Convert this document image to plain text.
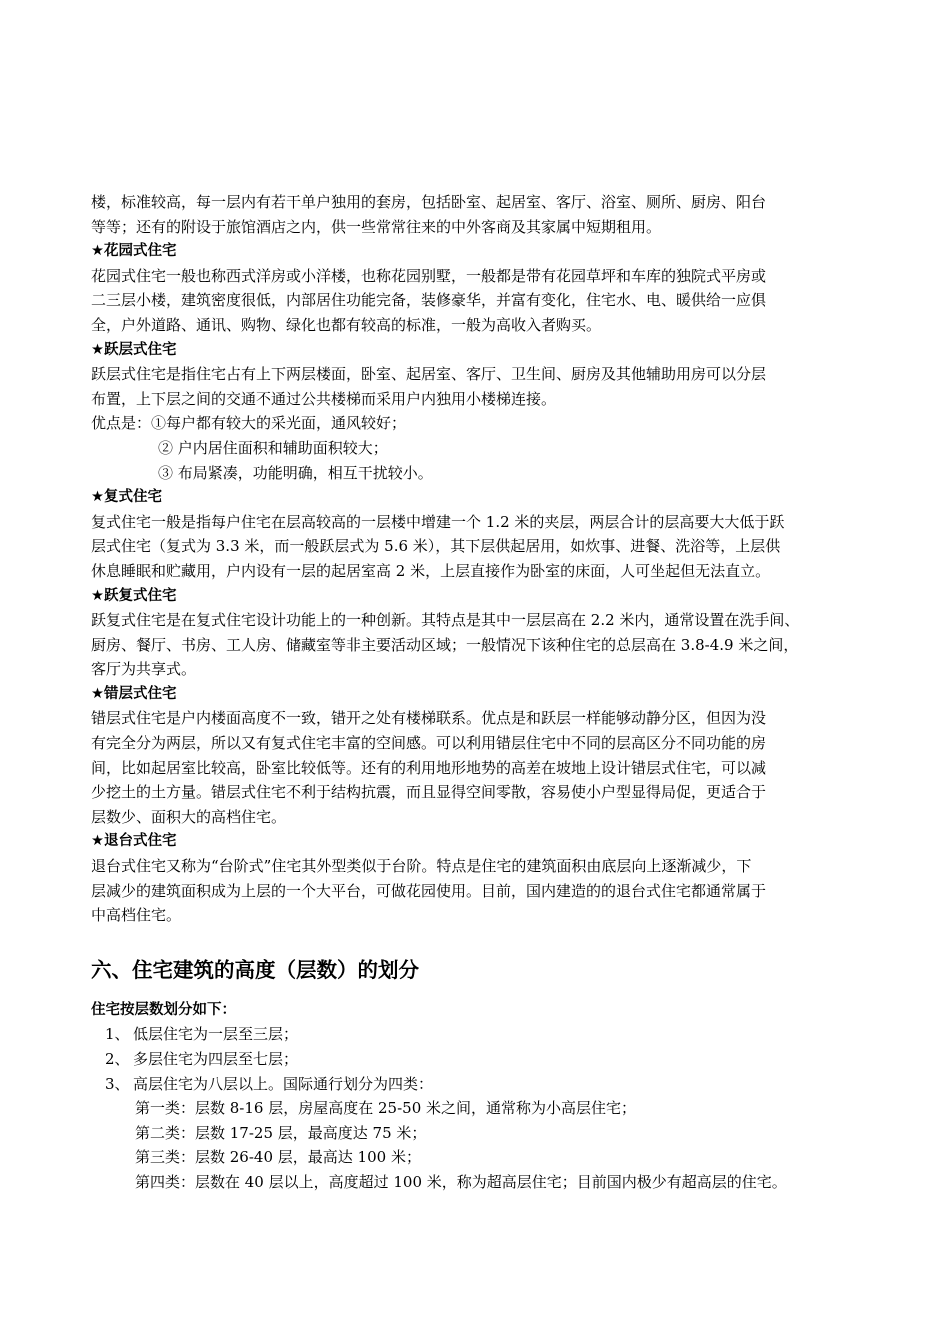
楼，标准较高，每一层内有若干单户独用的套房，包括卧室、起居室、客厅、浴室、厕所、厨房、阳台
等等；还有的附设于旅馆酒店之内，供一些常常往来的中外客商及其家属中短期租用。
★花园式住宅
花园式住宅一般也称西式洋房或小洋楼，也称花园别墅，一般都是带有花园草坪和车库的独院式平房或
二三层小楼，建筑密度很低，内部居住功能完备，装修豪华，并富有变化，住宅水、电、暖供给一应俱
全，户外道路、通讯、购物、绿化也都有较高的标准，一般为高收入者购买。
★跃层式住宅
跃层式住宅是指住宅占有上下两层楼面，卧室、起居室、客厅、卫生间、厨房及其他辅助用房可以分层
布置，上下层之间的交通不通过公共楼梯而采用户内独用小楼梯连接。
优点是：①每户都有较大的采光面，通风较好；
② 户内居住面积和辅助面积较大；
③ 布局紧凑，功能明确，相互干扰较小。
★复式住宅
复式住宅一般是指每户住宅在层高较高的一层楼中增建一个 1.2 米的夹层，两层合计的层高要大大低于跃
层式住宅（复式为 3.3 米，而一般跃层式为 5.6 米），其下层供起居用，如炊事、进餐、洗浴等，上层供
休息睡眠和贮藏用，户内设有一层的起居室高 2 米，上层直接作为卧室的床面，人可坐起但无法直立。
★跃复式住宅
跃复式住宅是在复式住宅设计功能上的一种创新。其特点是其中一层层高在 2.2 米内，通常设置在洗手间、
厨房、餐厅、书房、工人房、储藏室等非主要活动区域；一般情况下该种住宅的总层高在 3.8-4.9 米之间，
客厅为共享式。
★错层式住宅
错层式住宅是户内楼面高度不一致，错开之处有楼梯联系。优点是和跃层一样能够动静分区，但因为没
有完全分为两层，所以又有复式住宅丰富的空间感。可以利用错层住宅中不同的层高区分不同功能的房
间，比如起居室比较高，卧室比较低等。还有的利用地形地势的高差在坡地上设计错层式住宅，可以减
少挖土的土方量。错层式住宅不利于结构抗震，而且显得空间零散，容易使小户型显得局促，更适合于
层数少、面积大的高档住宅。
★退台式住宅
退台式住宅又称为“台阶式”住宅其外型类似于台阶。特点是住宅的建筑面积由底层向上逐渐减少，下
层减少的建筑面积成为上层的一个大平台，可做花园使用。目前，国内建造的的退台式住宅都通常属于
中高档住宅。
六、住宅建筑的高度（层数）的划分
住宅按层数划分如下：
1、 低层住宅为一层至三层；
2、 多层住宅为四层至七层；
3、 高层住宅为八层以上。国际通行划分为四类：
第一类：层数 8-16 层，房屋高度在 25-50 米之间，通常称为小高层住宅；
第二类：层数 17-25 层，最高度达 75 米；
第三类：层数 26-40 层，最高达 100 米；
第四类：层数在 40 层以上，高度超过 100 米，称为超高层住宅；目前国内极少有超高层的住宅。
